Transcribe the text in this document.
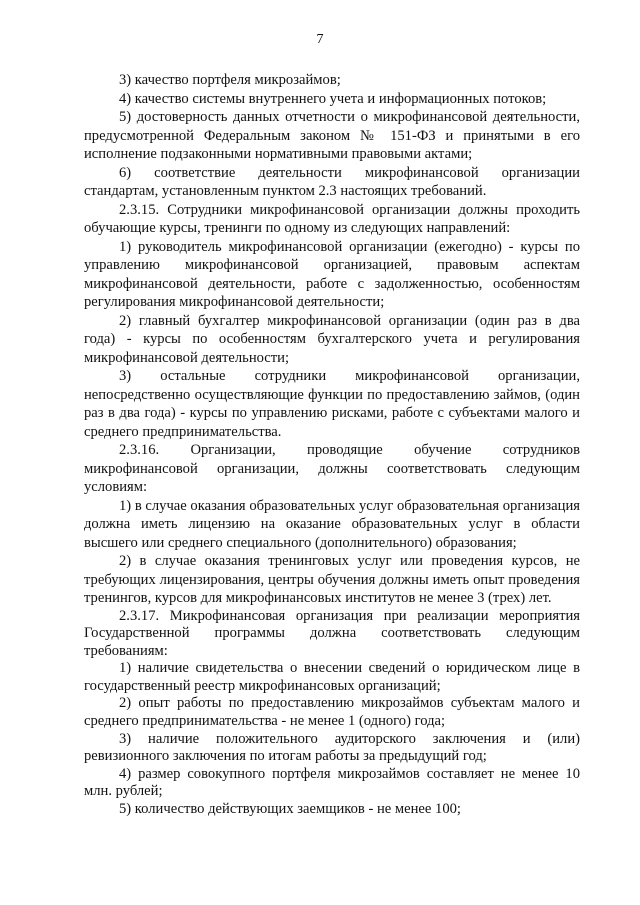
7

3) качество портфеля микрозаймов;

4) качество системы внутреннего учета и информационных потоков;

5) достоверность данных отчетности о микрофинансовой деятельности, предусмотренной Федеральным законом № 151-ФЗ и принятыми в его исполнение подзаконными нормативными правовыми актами;

6) соответствие деятельности микрофинансовой организации стандартам, установленным пунктом 2.3 настоящих требований.

2.3.15. Сотрудники микрофинансовой организации должны проходить обучающие курсы, тренинги по одному из следующих направлений:

1) руководитель микрофинансовой организации (ежегодно) - курсы по управлению микрофинансовой организацией, правовым аспектам микрофинансовой деятельности, работе с задолженностью, особенностям регулирования микрофинансовой деятельности;

2) главный бухгалтер микрофинансовой организации (один раз в два года) - курсы по особенностям бухгалтерского учета и регулирования микрофинансовой деятельности;

3) остальные сотрудники микрофинансовой организации, непосредственно осуществляющие функции по предоставлению займов, (один раз в два года) - курсы по управлению рисками, работе с субъектами малого и среднего предпринимательства.

2.3.16. Организации, проводящие обучение сотрудников микрофинансовой организации, должны соответствовать следующим условиям:

1) в случае оказания образовательных услуг образовательная организация должна иметь лицензию на оказание образовательных услуг в области высшего или среднего специального (дополнительного) образования;

2) в случае оказания тренинговых услуг или проведения курсов, не требующих лицензирования, центры обучения должны иметь опыт проведения тренингов, курсов для микрофинансовых институтов не менее 3 (трех) лет.

2.3.17. Микрофинансовая организация при реализации мероприятия Государственной программы должна соответствовать следующим требованиям:

1) наличие свидетельства о внесении сведений о юридическом лице в государственный реестр микрофинансовых организаций;

2) опыт работы по предоставлению микрозаймов субъектам малого и среднего предпринимательства - не менее 1 (одного) года;

3) наличие положительного аудиторского заключения и (или) ревизионного заключения по итогам работы за предыдущий год;

4) размер совокупного портфеля микрозаймов составляет не менее 10 млн. рублей;

5) количество действующих заемщиков - не менее 100;
